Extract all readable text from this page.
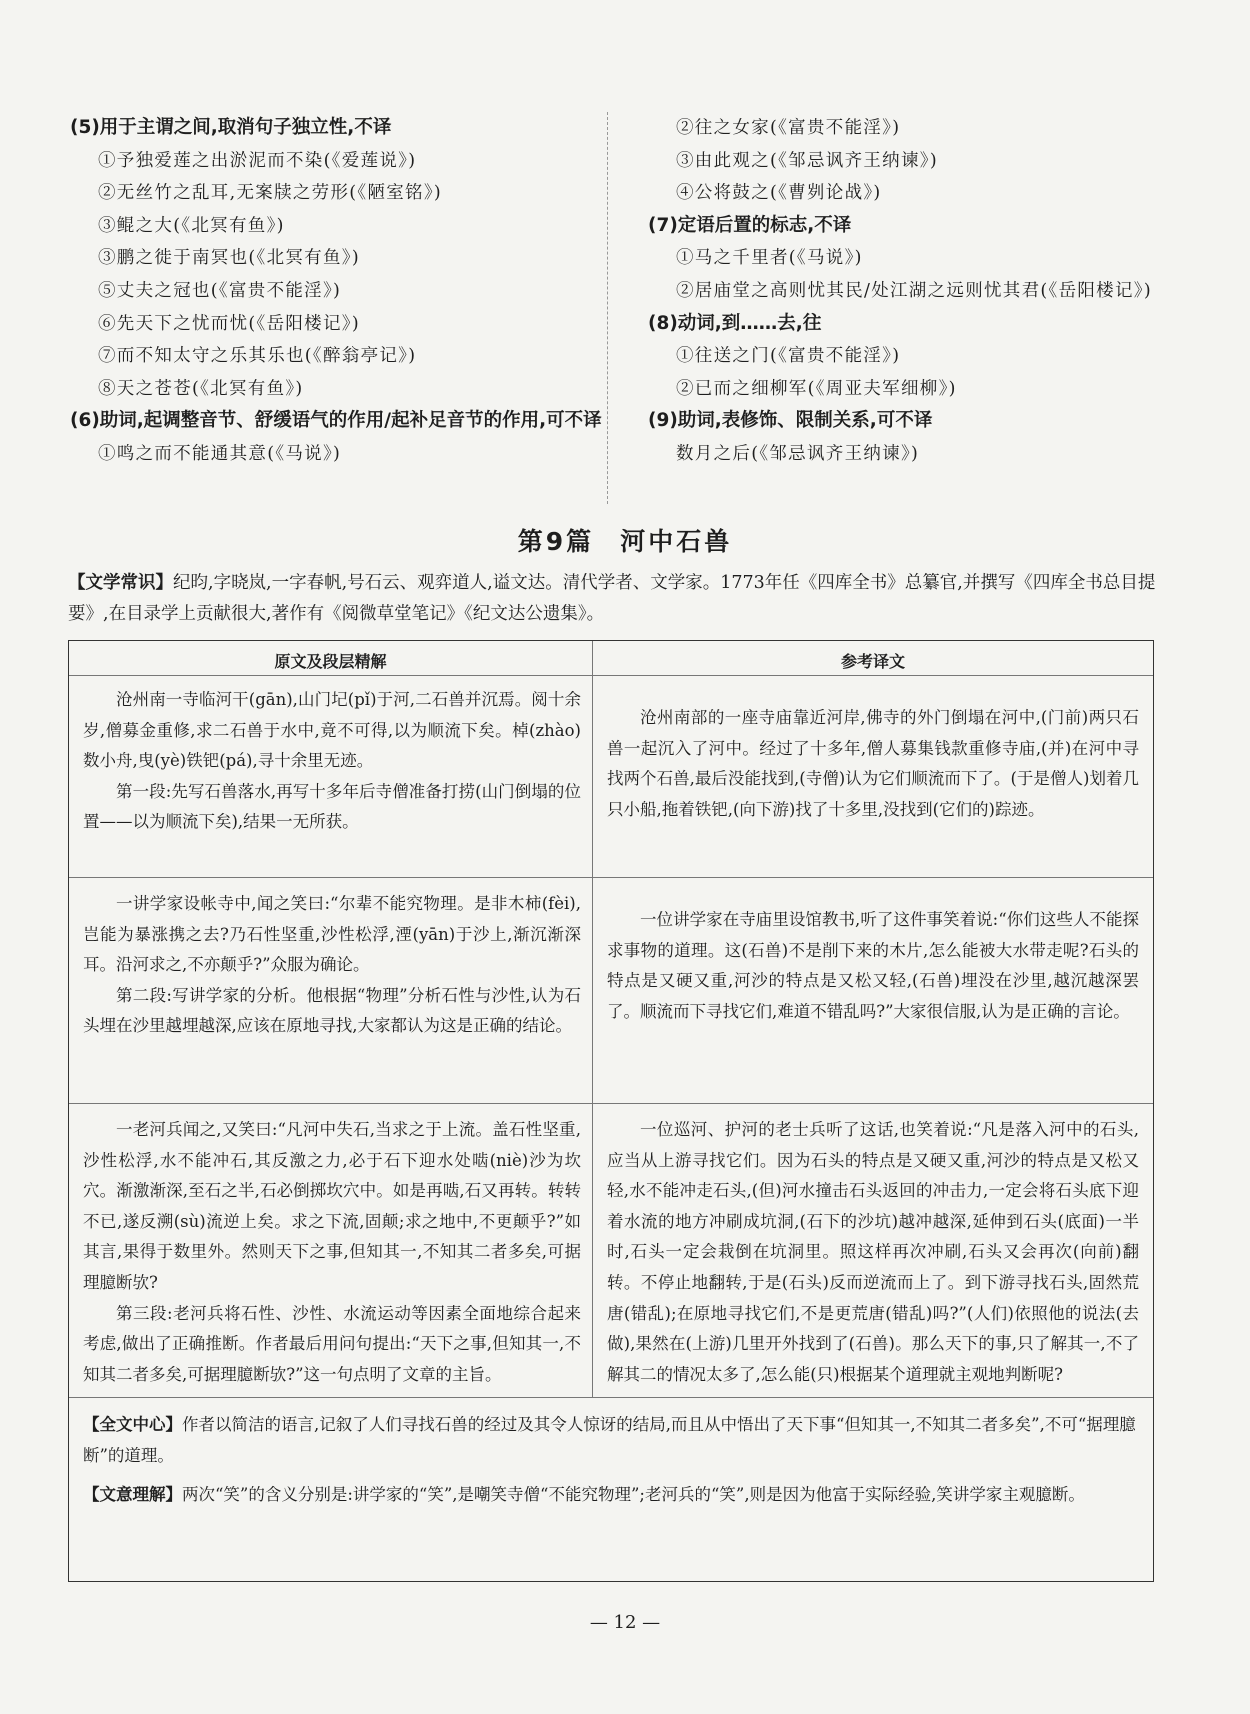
(5)用于主谓之间,取消句子独立性,不译

①予独爱莲之出淤泥而不染(《爱莲说》)

②无丝竹之乱耳,无案牍之劳形(《陋室铭》)

③鲲之大(《北冥有鱼》)

③鹏之徙于南冥也(《北冥有鱼》)

⑤丈夫之冠也(《富贵不能淫》)

⑥先天下之忧而忧(《岳阳楼记》)

⑦而不知太守之乐其乐也(《醉翁亭记》)

⑧天之苍苍(《北冥有鱼》)

(6)助词,起调整音节、舒缓语气的作用/起补足音节的作用,可不译

①鸣之而不能通其意(《马说》)

②往之女家(《富贵不能淫》)

③由此观之(《邹忌讽齐王纳谏》)

④公将鼓之(《曹刿论战》)

(7)定语后置的标志,不译

①马之千里者(《马说》)

②居庙堂之高则忧其民/处江湖之远则忧其君(《岳阳楼记》)

(8)动词,到……去,往

①往送之门(《富贵不能淫》)

②已而之细柳军(《周亚夫军细柳》)

(9)助词,表修饰、限制关系,可不译

数月之后(《邹忌讽齐王纳谏》)

第9篇 河中石兽
【文学常识】纪昀,字晓岚,一字春帆,号石云、观弈道人,谥文达。清代学者、文学家。1773年任《四库全书》总纂官,并撰写《四库全书总目提要》,在目录学上贡献很大,著作有《阅微草堂笔记》《纪文达公遗集》。
原文及段层精解	参考译文

沧州南一寺临河干(gān),山门圮(pǐ)于河,二石兽并沉焉。阅十余岁,僧募金重修,求二石兽于水中,竟不可得,以为顺流下矣。棹(zhào)数小舟,曳(yè)铁钯(pá),寻十余里无迹。

第一段:先写石兽落水,再写十多年后寺僧准备打捞(山门倒塌的位置——以为顺流下矣),结果一无所获。

沧州南部的一座寺庙靠近河岸,佛寺的外门倒塌在河中,(门前)两只石兽一起沉入了河中。经过了十多年,僧人募集钱款重修寺庙,(并)在河中寻找两个石兽,最后没能找到,(寺僧)认为它们顺流而下了。(于是僧人)划着几只小船,拖着铁钯,(向下游)找了十多里,没找到(它们的)踪迹。

一讲学家设帐寺中,闻之笑曰:“尔辈不能究物理。是非木柿(fèi),岂能为暴涨携之去?乃石性坚重,沙性松浮,湮(yān)于沙上,渐沉渐深耳。沿河求之,不亦颠乎?”众服为确论。

第二段:写讲学家的分析。他根据“物理”分析石性与沙性,认为石头埋在沙里越埋越深,应该在原地寻找,大家都认为这是正确的结论。

一位讲学家在寺庙里设馆教书,听了这件事笑着说:“你们这些人不能探求事物的道理。这(石兽)不是削下来的木片,怎么能被大水带走呢?石头的特点是又硬又重,河沙的特点是又松又轻,(石兽)埋没在沙里,越沉越深罢了。顺流而下寻找它们,难道不错乱吗?”大家很信服,认为是正确的言论。

一老河兵闻之,又笑曰:“凡河中失石,当求之于上流。盖石性坚重,沙性松浮,水不能冲石,其反激之力,必于石下迎水处啮(niè)沙为坎穴。渐激渐深,至石之半,石必倒掷坎穴中。如是再啮,石又再转。转转不已,遂反溯(sù)流逆上矣。求之下流,固颠;求之地中,不更颠乎?”如其言,果得于数里外。然则天下之事,但知其一,不知其二者多矣,可据理臆断欤?

第三段:老河兵将石性、沙性、水流运动等因素全面地综合起来考虑,做出了正确推断。作者最后用问句提出:“天下之事,但知其一,不知其二者多矣,可据理臆断欤?”这一句点明了文章的主旨。

一位巡河、护河的老士兵听了这话,也笑着说:“凡是落入河中的石头,应当从上游寻找它们。因为石头的特点是又硬又重,河沙的特点是又松又轻,水不能冲走石头,(但)河水撞击石头返回的冲击力,一定会将石头底下迎着水流的地方冲刷成坑洞,(石下的沙坑)越冲越深,延伸到石头(底面)一半时,石头一定会栽倒在坑洞里。照这样再次冲刷,石头又会再次(向前)翻转。不停止地翻转,于是(石头)反而逆流而上了。到下游寻找石头,固然荒唐(错乱);在原地寻找它们,不是更荒唐(错乱)吗?”(人们)依照他的说法(去做),果然在(上游)几里开外找到了(石兽)。那么天下的事,只了解其一,不了解其二的情况太多了,怎么能(只)根据某个道理就主观地判断呢?

【全文中心】作者以简洁的语言,记叙了人们寻找石兽的经过及其令人惊讶的结局,而且从中悟出了天下事“但知其一,不知其二者多矣”,不可“据理臆断”的道理。

【文意理解】两次“笑”的含义分别是:讲学家的“笑”,是嘲笑寺僧“不能究物理”;老河兵的“笑”,则是因为他富于实际经验,笑讲学家主观臆断。

— 12 —
